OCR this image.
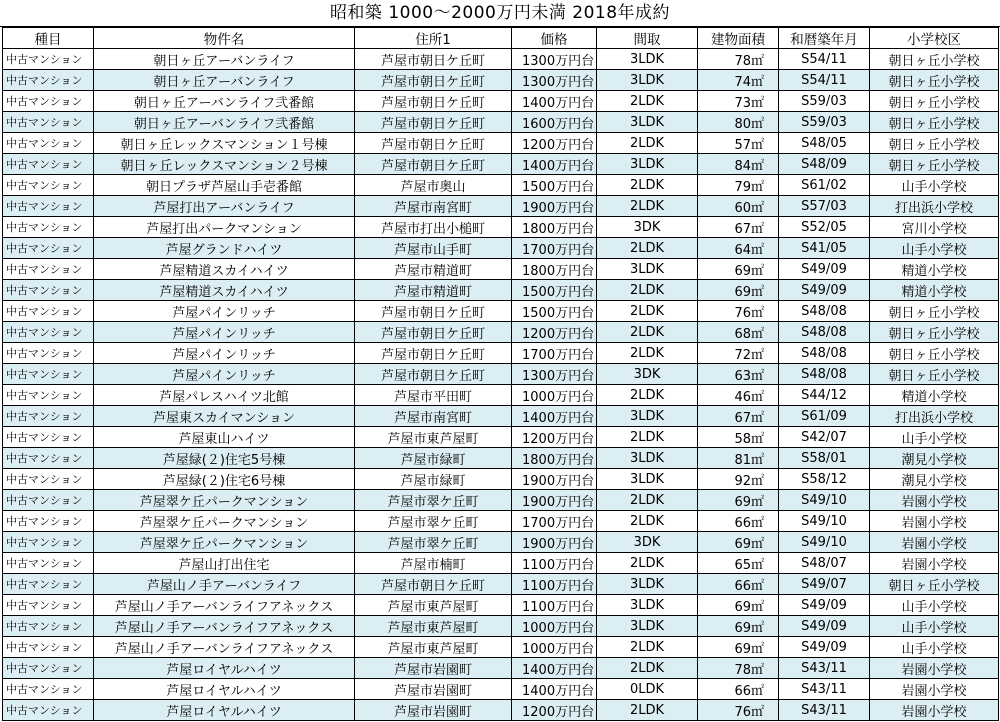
昭和築 1000～2000万円未満 2018年成約
種目	物件名	住所1	価格	間取	建物面積	和暦築年月	小学校区
中古マンション	朝日ヶ丘アーバンライフ	芦屋市朝日ケ丘町	1300万円台	3LDK	78㎡	S54/11	朝日ヶ丘小学校
中古マンション	朝日ヶ丘アーバンライフ	芦屋市朝日ケ丘町	1300万円台	3LDK	74㎡	S54/11	朝日ヶ丘小学校
中古マンション	朝日ヶ丘アーバンライフ弐番館	芦屋市朝日ケ丘町	1400万円台	2LDK	73㎡	S59/03	朝日ヶ丘小学校
中古マンション	朝日ヶ丘アーバンライフ弐番館	芦屋市朝日ケ丘町	1600万円台	3LDK	80㎡	S59/03	朝日ヶ丘小学校
中古マンション	朝日ヶ丘レックスマンション１号棟	芦屋市朝日ケ丘町	1200万円台	2LDK	57㎡	S48/05	朝日ヶ丘小学校
中古マンション	朝日ヶ丘レックスマンション２号棟	芦屋市朝日ケ丘町	1400万円台	3LDK	84㎡	S48/09	朝日ヶ丘小学校
中古マンション	朝日プラザ芦屋山手壱番館	芦屋市奥山	1500万円台	2LDK	79㎡	S61/02	山手小学校
中古マンション	芦屋打出アーバンライフ	芦屋市南宮町	1900万円台	2LDK	60㎡	S57/03	打出浜小学校
中古マンション	芦屋打出パークマンション	芦屋市打出小槌町	1800万円台	3DK	67㎡	S52/05	宮川小学校
中古マンション	芦屋グランドハイツ	芦屋市山手町	1700万円台	2LDK	64㎡	S41/05	山手小学校
中古マンション	芦屋精道スカイハイツ	芦屋市精道町	1800万円台	3LDK	69㎡	S49/09	精道小学校
中古マンション	芦屋精道スカイハイツ	芦屋市精道町	1500万円台	2LDK	69㎡	S49/09	精道小学校
中古マンション	芦屋パインリッチ	芦屋市朝日ケ丘町	1500万円台	2LDK	76㎡	S48/08	朝日ヶ丘小学校
中古マンション	芦屋パインリッチ	芦屋市朝日ケ丘町	1200万円台	2LDK	68㎡	S48/08	朝日ヶ丘小学校
中古マンション	芦屋パインリッチ	芦屋市朝日ケ丘町	1700万円台	2LDK	72㎡	S48/08	朝日ヶ丘小学校
中古マンション	芦屋パインリッチ	芦屋市朝日ケ丘町	1300万円台	3DK	63㎡	S48/08	朝日ヶ丘小学校
中古マンション	芦屋パレスハイツ北館	芦屋市平田町	1000万円台	2LDK	46㎡	S44/12	精道小学校
中古マンション	芦屋東スカイマンション	芦屋市南宮町	1400万円台	3LDK	67㎡	S61/09	打出浜小学校
中古マンション	芦屋東山ハイツ	芦屋市東芦屋町	1200万円台	2LDK	58㎡	S42/07	山手小学校
中古マンション	芦屋緑(２)住宅5号棟	芦屋市緑町	1800万円台	3LDK	81㎡	S58/01	潮見小学校
中古マンション	芦屋緑(２)住宅6号棟	芦屋市緑町	1900万円台	3LDK	92㎡	S58/12	潮見小学校
中古マンション	芦屋翠ケ丘パークマンション	芦屋市翠ケ丘町	1900万円台	2LDK	69㎡	S49/10	岩園小学校
中古マンション	芦屋翠ケ丘パークマンション	芦屋市翠ケ丘町	1700万円台	2LDK	66㎡	S49/10	岩園小学校
中古マンション	芦屋翠ケ丘パークマンション	芦屋市翠ケ丘町	1900万円台	3DK	69㎡	S49/10	岩園小学校
中古マンション	芦屋山打出住宅	芦屋市楠町	1100万円台	2LDK	65㎡	S48/07	岩園小学校
中古マンション	芦屋山ノ手アーバンライフ	芦屋市朝日ケ丘町	1100万円台	3LDK	66㎡	S49/07	朝日ヶ丘小学校
中古マンション	芦屋山ノ手アーバンライフアネックス	芦屋市東芦屋町	1100万円台	3LDK	69㎡	S49/09	山手小学校
中古マンション	芦屋山ノ手アーバンライフアネックス	芦屋市東芦屋町	1000万円台	3LDK	69㎡	S49/09	山手小学校
中古マンション	芦屋山ノ手アーバンライフアネックス	芦屋市東芦屋町	1000万円台	2LDK	69㎡	S49/09	山手小学校
中古マンション	芦屋ロイヤルハイツ	芦屋市岩園町	1400万円台	2LDK	78㎡	S43/11	岩園小学校
中古マンション	芦屋ロイヤルハイツ	芦屋市岩園町	1400万円台	0LDK	66㎡	S43/11	岩園小学校
中古マンション	芦屋ロイヤルハイツ	芦屋市岩園町	1200万円台	2LDK	76㎡	S43/11	岩園小学校
